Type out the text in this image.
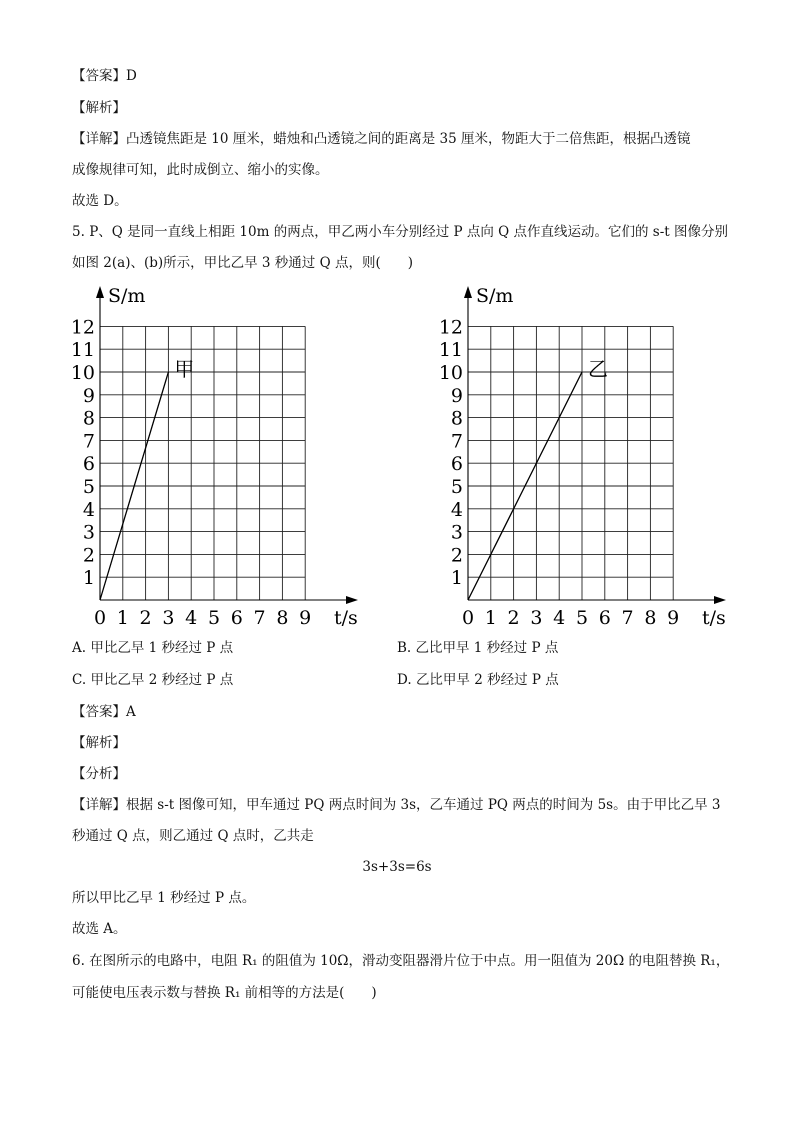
【答案】D
【解析】
【详解】凸透镜焦距是 10 厘米，蜡烛和凸透镜之间的距离是 35 厘米，物距大于二倍焦距，根据凸透镜
成像规律可知，此时成倒立、缩小的实像。
故选 D。
5. P、Q 是同一直线上相距 10m 的两点，甲乙两小车分别经过 P 点向 Q 点作直线运动。它们的 s-t 图像分别
如图 2(a)、(b)所示，甲比乙早 3 秒通过 Q 点，则(　　)
S/m
t/s
0 1 2 3 4 5 6 7 8 9
1
2
3
4
5
6
7
8
9
10
11
12
甲
S/m
t/s
0 1 2 3 4 5 6 7 8 9
1
2
3
4
5
6
7
8
9
10
11
12
乙
A. 甲比乙早 1 秒经过 P 点	B. 乙比甲早 1 秒经过 P 点
C. 甲比乙早 2 秒经过 P 点	D. 乙比甲早 2 秒经过 P 点
【答案】A
【解析】
【分析】
【详解】根据 s-t 图像可知，甲车通过 PQ 两点时间为 3s，乙车通过 PQ 两点的时间为 5s。由于甲比乙早 3
秒通过 Q 点，则乙通过 Q 点时，乙共走
3s+3s=6s
所以甲比乙早 1 秒经过 P 点。
故选 A。
6. 在图所示的电路中，电阻 R₁ 的阻值为 10Ω，滑动变阻器滑片位于中点。用一阻值为 20Ω 的电阻替换 R₁，
可能使电压表示数与替换 R₁ 前相等的方法是(　　)
